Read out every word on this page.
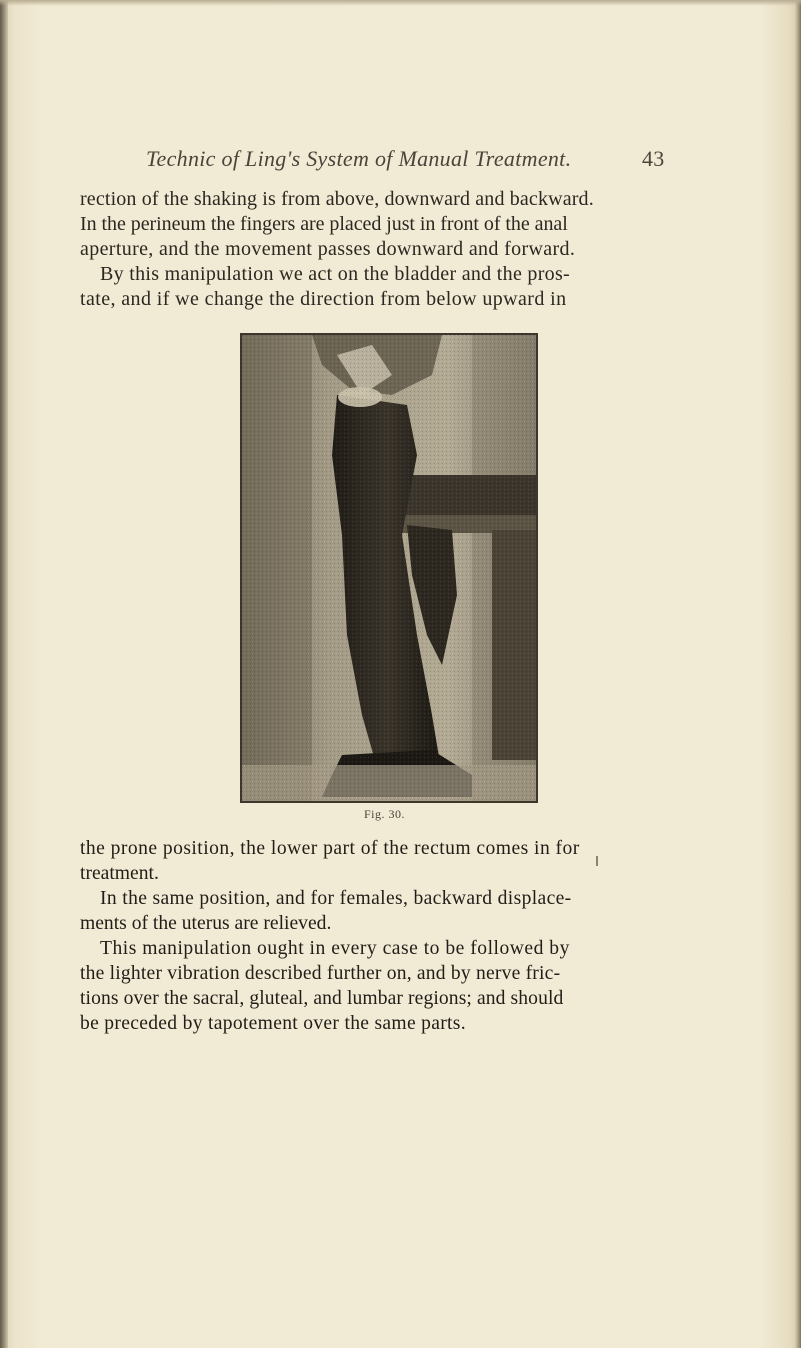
Technic of Ling's System of Manual Treatment.	43
rection of the shaking is from above, downward and backward.
In the perineum the fingers are placed just in front of the anal
aperture, and the movement passes downward and forward.
By this manipulation we act on the bladder and the pros-
tate, and if we change the direction from below upward in
Fig. 30.
the prone position, the lower part of the rectum comes in for
treatment.
In the same position, and for females, backward displace-
ments of the uterus are relieved.
This manipulation ought in every case to be followed by
the lighter vibration described further on, and by nerve fric-
tions over the sacral, gluteal, and lumbar regions; and should
be preceded by tapotement over the same parts.
